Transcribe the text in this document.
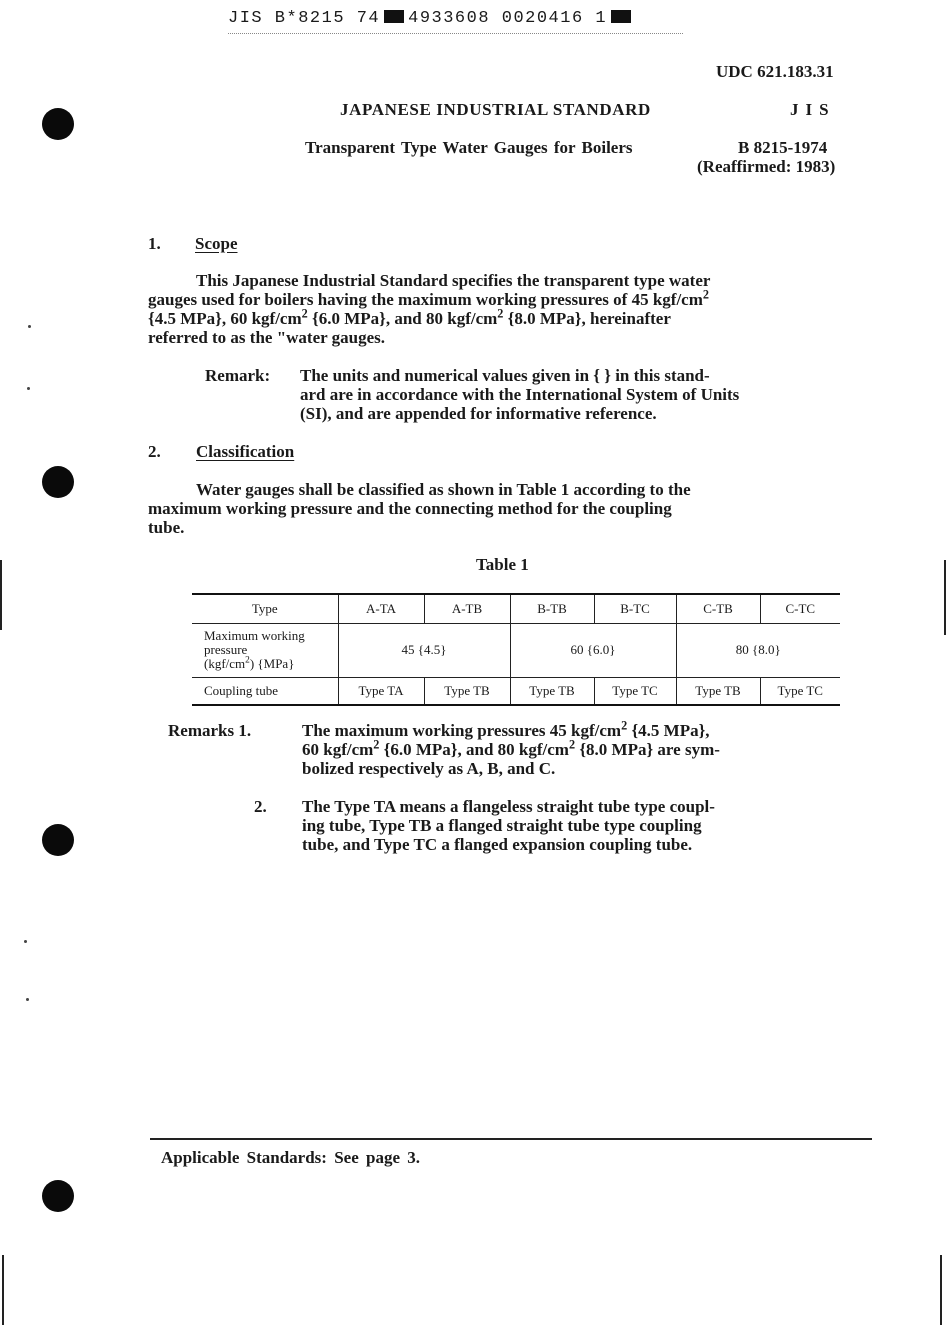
JIS B*8215 74 4933608 0020416 1
UDC 621.183.31
JAPANESE INDUSTRIAL STANDARD	JIS
Transparent Type Water Gauges for Boilers	B 8215-1974
(Reaffirmed: 1983)
1. Scope
This Japanese Industrial Standard specifies the transparent type water
gauges used for boilers having the maximum working pressures of 45 kgf/$cm^2$
{4.5 MPa}, 60 kgf/$cm^2$ {6.0 MPa}, and 80 kgf/$cm^2$ {8.0 MPa}, hereinafter
referred to as the "water gauges.
Remark: The units and numerical values given in { } in this stand-
ard are in accordance with the International System of Units
(SI), and are appended for informative reference.
2. Classification
Water gauges shall be classified as shown in Table 1 according to the
maximum working pressure and the connecting method for the coupling
tube.
Table 1
Type	A-TA	A-TB	B-TB	B-TC	C-TB	C-TC

Maximum working
pressure
$(kgf/cm^2)$ {MPa}	45 {4.5}		60 {6.0}		80 {8.0}	
Coupling tube	Type TA	Type TB	Type TB	Type TC	Type TB	Type TC
Remarks 1.	The maximum working pressures 45 kgf/$cm^2$ {4.5 MPa},
60 kgf/$cm^2$ {6.0 MPa}, and 80 kgf/$cm^2$ {8.0 MPa} are sym-
bolized respectively as A, B, and C.
2. The Type TA means a flangeless straight tube type coupl-
ing tube, Type TB a flanged straight tube type coupling
tube, and Type TC a flanged expansion coupling tube.
Applicable Standards: See page 3.
